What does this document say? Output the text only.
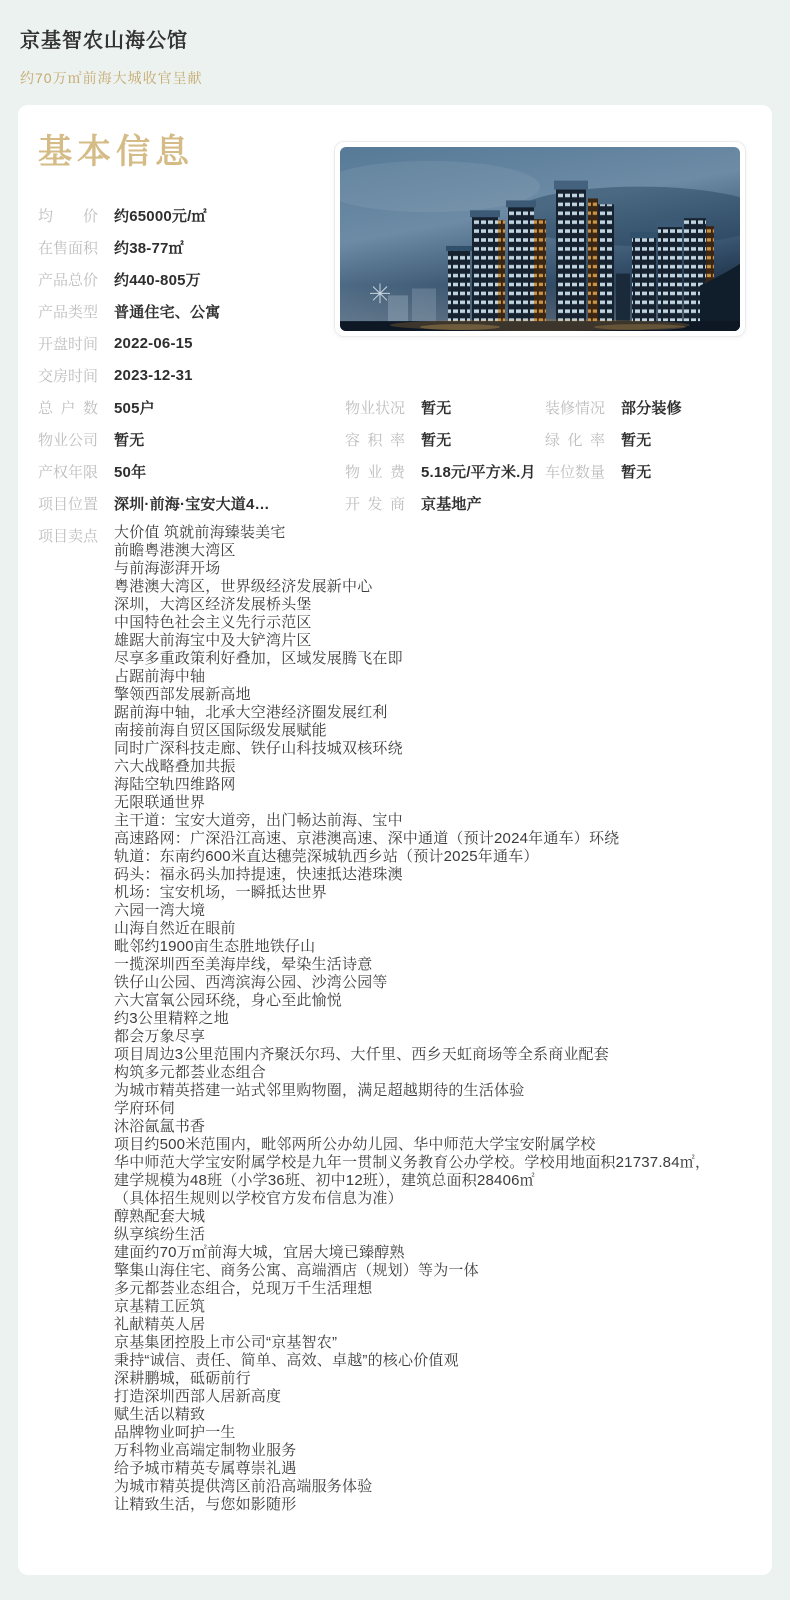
京基智农山海公馆

约70万㎡前海大城收官呈献

基本信息
均价 约65000元/㎡
在售面积 约38-77㎡
产品总价 约440-805万
产品类型 普通住宅、公寓
开盘时间 2022-06-15
交房时间 2023-12-31
总户数 505户	物业状况 暂无	装修情况 部分装修
物业公司 暂无	容积率 暂无	绿化率 暂无
产权年限 50年	物业费 5.18元/平方米.月 车位数量 暂无
项目位置 深圳·前海·宝安大道4…	开发商 京基地产
项目卖点 大价值 筑就前海臻装美宅
前瞻粤港澳大湾区
与前海澎湃开场
粤港澳大湾区，世界级经济发展新中心
深圳，大湾区经济发展桥头堡
中国特色社会主义先行示范区
雄踞大前海宝中及大铲湾片区
尽享多重政策利好叠加，区域发展腾飞在即
占踞前海中轴
擎领西部发展新高地
踞前海中轴，北承大空港经济圈发展红利
南接前海自贸区国际级发展赋能
同时广深科技走廊、铁仔山科技城双核环绕
六大战略叠加共振
海陆空轨四维路网
无限联通世界
主干道：宝安大道旁，出门畅达前海、宝中
高速路网：广深沿江高速、京港澳高速、深中通道（预计2024年通车）环绕
轨道：东南约600米直达穗莞深城轨西乡站（预计2025年通车）
码头：福永码头加持提速，快速抵达港珠澳
机场：宝安机场，一瞬抵达世界
六园一湾大境
山海自然近在眼前
毗邻约1900亩生态胜地铁仔山
一揽深圳西至美海岸线，晕染生活诗意
铁仔山公园、西湾滨海公园、沙湾公园等
六大富氧公园环绕，身心至此愉悦
约3公里精粹之地
都会万象尽享
项目周边3公里范围内齐聚沃尔玛、大仟里、西乡天虹商场等全系商业配套
构筑多元都荟业态组合
为城市精英搭建一站式邻里购物圈，满足超越期待的生活体验
学府环伺
沐浴氤氲书香
项目约500米范围内，毗邻两所公办幼儿园、华中师范大学宝安附属学校
华中师范大学宝安附属学校是九年一贯制义务教育公办学校。学校用地面积21737.84㎡，
建学规模为48班（小学36班、初中12班），建筑总面积28406㎡
（具体招生规则以学校官方发布信息为准）
醇熟配套大城
纵享缤纷生活
建面约70万㎡前海大城，宜居大境已臻醇熟
擎集山海住宅、商务公寓、高端酒店（规划）等为一体
多元都荟业态组合，兑现万千生活理想
京基精工匠筑
礼献精英人居
京基集团控股上市公司“京基智农”
秉持“诚信、责任、简单、高效、卓越”的核心价值观
深耕鹏城，砥砺前行
打造深圳西部人居新高度
赋生活以精致
品牌物业呵护一生
万科物业高端定制物业服务
给予城市精英专属尊崇礼遇
为城市精英提供湾区前沿高端服务体验
让精致生活，与您如影随形
